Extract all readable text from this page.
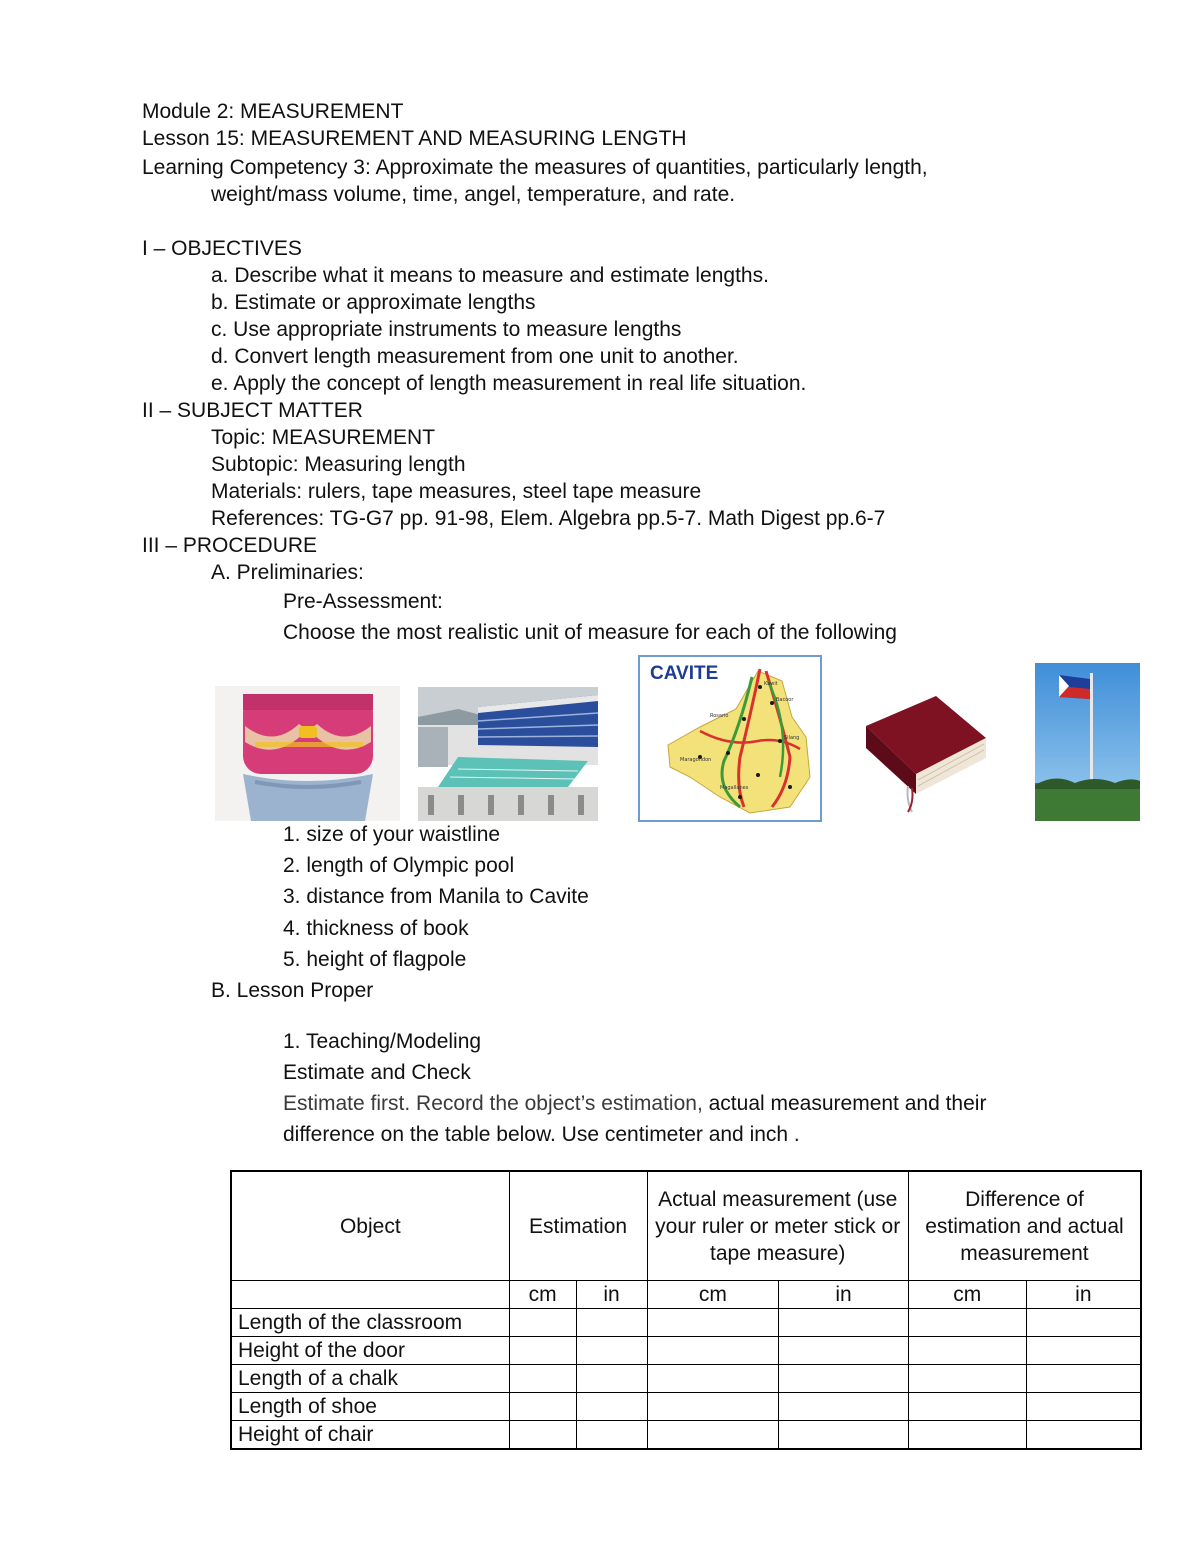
Module 2: MEASUREMENT
Lesson 15: MEASUREMENT AND MEASURING LENGTH
Learning Competency 3: Approximate the measures of quantities, particularly length,
weight/mass volume, time, angel, temperature, and rate.
I – OBJECTIVES
a. Describe what it means to measure and estimate lengths.
b. Estimate or approximate lengths
c. Use appropriate instruments to measure lengths
d. Convert length measurement from one unit to another.
e. Apply the concept of length measurement in real life situation.
II – SUBJECT MATTER
Topic: MEASUREMENT
Subtopic: Measuring length
Materials: rulers, tape measures, steel tape measure
References: TG-G7 pp. 91-98, Elem. Algebra pp.5-7. Math Digest pp.6-7
III – PROCEDURE
A. Preliminaries:
Pre-Assessment:
Choose the most realistic unit of measure for each of the following
CAVITE	Kawit
Bacoor
Rosario
Maragondon
Silang
Magallanes
1. size of your waistline
2. length of Olympic pool
3. distance from Manila to Cavite
4. thickness of book
5. height of flagpole
B. Lesson Proper
1. Teaching/Modeling
Estimate and Check
Estimate first. Record the object’s estimation, actual measurement and their
difference on the table below. Use centimeter and inch .
Object	Estimation		Actual measurement (use your ruler or meter stick or tape measure)		Difference of estimation and actual measurement	
	cm	in	cm	in	cm	in
Length of the classroom						
Height of the door						
Length of a chalk						
Length of shoe						
Height of chair						
